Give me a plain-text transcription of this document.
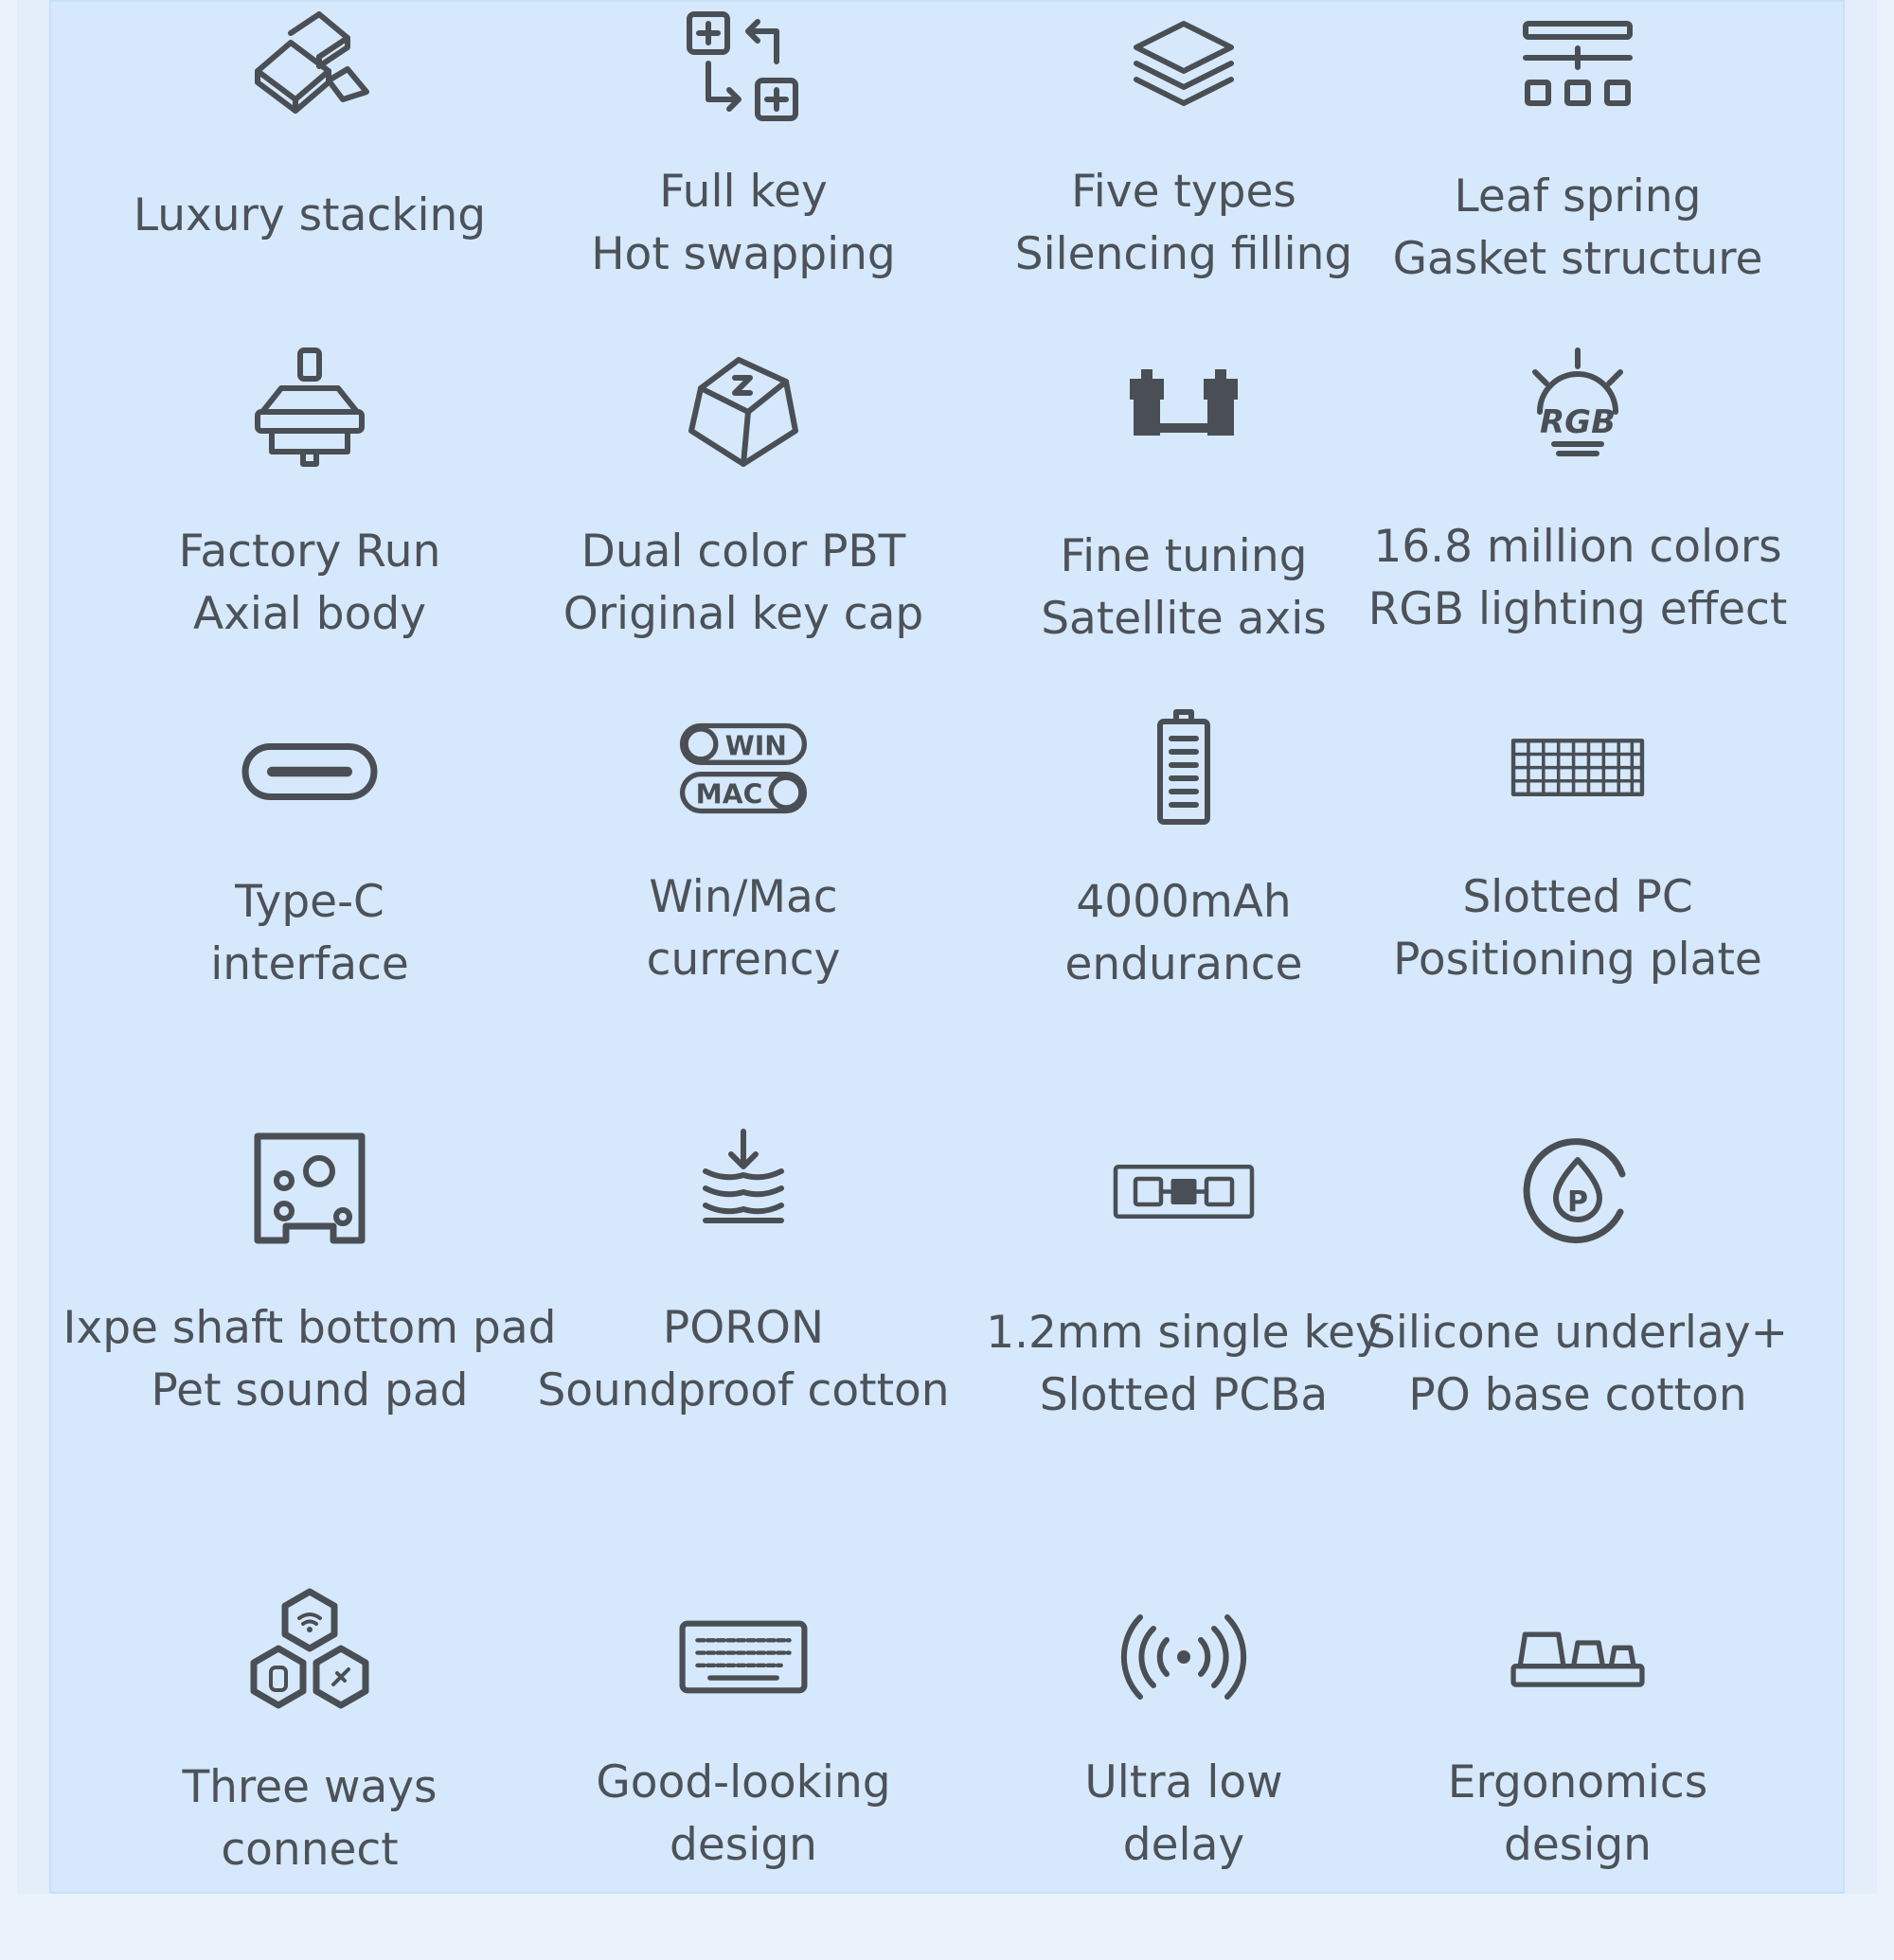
Luxury stacking	Full key
Hot swapping
Five types
Silencing filling
Leaf spring
Gasket structure
Factory Run
Axial body
Dual color PBT
Original key cap
Fine tuning
Satellite axis
RGB
16.8 million colors
RGB lighting effect
Type-C
interface
WIN
MAC
Win/Mac
currency
4000mAh
endurance
Slotted PC
Positioning plate
Ixpe shaft bottom pad
Pet sound pad
PORON
Soundproof cotton
1.2mm single key
Slotted PCBa
P
Silicone underlay+
PO base cotton
Three ways
connect
Good-looking
design
Ultra low
delay
Ergonomics
design
